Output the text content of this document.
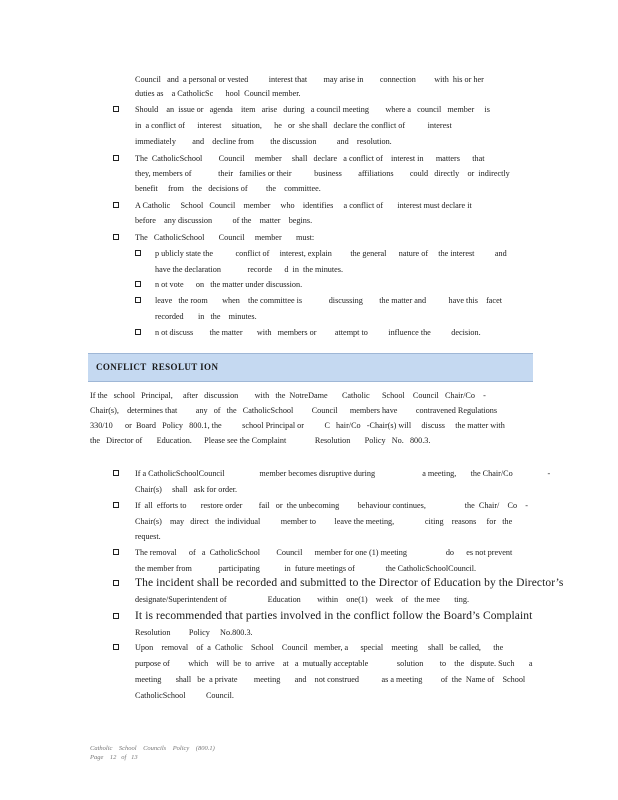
Council   and  a personal or vested          interest that        may arise in        connection         with  his or her
duties as    a CatholicSc      hool  Council member.
Should    an  issue or   agenda    item   arise   during   a council meeting        where a   council   member     is
in  a conflict of      interest     situation,      he   or  she shall   declare the conflict of           interest
immediately        and    decline from        the discussion          and    resolution.
The  CatholicSchool        Council     member     shall   declare   a conflict of    interest in      matters      that
they, members of             their   families or their           business        affiliations        could   directly    or  indirectly
benefit     from    the   decisions of         the    committee.
A Catholic     School   Council    member     who    identifies     a conflict of       interest must declare it
before    any discussion          of the    matter    begins.
The   CatholicSchool       Council     member       must:
p ublicly state the           conflict of     interest, explain         the general      nature of     the interest          and
have the declaration             recorde      d  in  the minutes.
n ot vote      on   the matter under discussion.
leave   the room       when    the committee is             discussing        the matter and           have this    facet
recorded       in   the    minutes.
n ot discuss        the matter       with   members or         attempt to          influence the          decision.
CONFLICT  RESOLUT ION
If the   school   Principal,     after   discussion        with   the  NotreDame       Catholic      School    Council   Chair/Co    -
Chair(s),    determines that         any   of   the   CatholicSchool         Council      members have         contravened Regulations
330/10      or  Board   Policy   800.1, the          school Principal or          C   hair/Co   -Chair(s) will     discuss     the matter with
the   Director of       Education.      Please see the Complaint              Resolution       Policy   No.   800.3.
If a CatholicSchoolCouncil                 member becomes disruptive during                       a meeting,       the Chair/Co                 -
Chair(s)     shall   ask for order.
If  all  efforts to       restore order        fail   or  the unbecoming         behaviour continues,                   the  Chair/    Co    -
Chair(s)    may   direct   the individual          member to         leave the meeting,               citing    reasons     for   the
request.
The removal      of   a  CatholicSchool        Council      member for one (1) meeting                   do      es not prevent
the member from             participating            in  future meetings of               the CatholicSchoolCouncil.
The incident shall be recorded and submitted to the Director of Education by the Director’s
designate/Superintendent of                    Education        within    one(1)    week    of   the mee       ting.
It is recommended that parties involved in the conflict follow the Board’s Complaint
Resolution         Policy     No.800.3.
Upon    removal    of  a  Catholic    School    Council   member, a      special    meeting     shall   be called,      the
purpose of         which    will  be  to  arrive    at   a  mutually acceptable              solution        to    the   dispute. Such       a
meeting       shall   be  a private        meeting       and    not construed           as a meeting         of  the  Name of    School
CatholicSchool          Council.
Catholic    School    Councils    Policy    (800.1)
Page    12   of   13
